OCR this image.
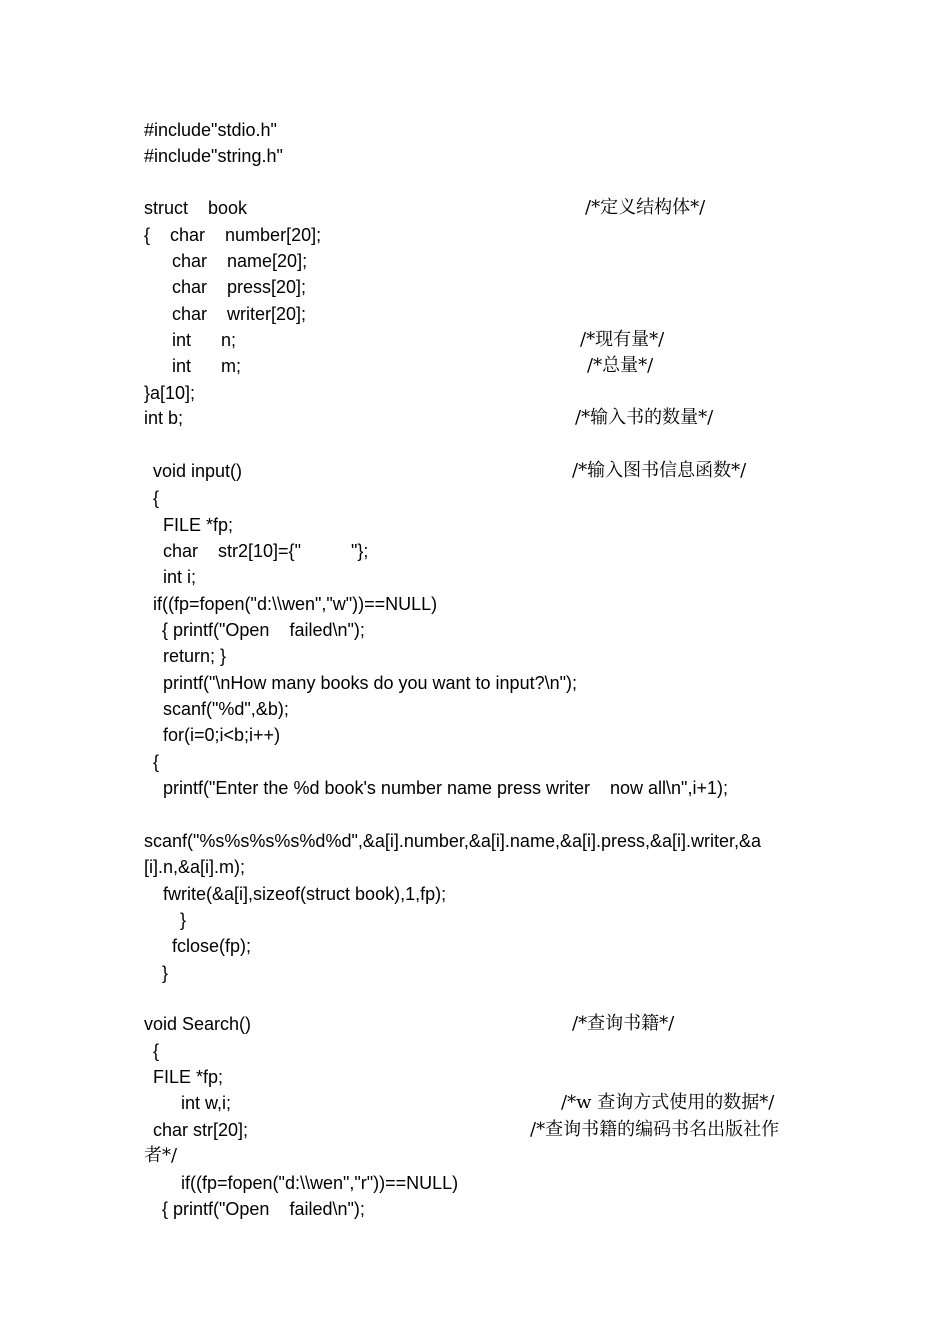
#include"stdio.h"
#include"string.h"
struct    book
{    char    number[20];
char    name[20];
char    press[20];
char    writer[20];
int      n;
int      m;
}a[10];
int b;
void input()
{
FILE *fp;
char    str2[10]={"          "};
int i;
if((fp=fopen("d:\\wen","w"))==NULL)
{ printf("Open    failed\n");
return; }
printf("\nHow many books do you want to input?\n");
scanf("%d",&b);
for(i=0;i<b;i++)
{
printf("Enter the %d book's number name press writer    now all\n",i+1);
scanf("%s%s%s%s%d%d",&a[i].number,&a[i].name,&a[i].press,&a[i].writer,&a
[i].n,&a[i].m);
fwrite(&a[i],sizeof(struct book),1,fp);
}
fclose(fp);
}
void Search()
{
FILE *fp;
int w,i;
char str[20];
者*/
if((fp=fopen("d:\\wen","r"))==NULL)
{ printf("Open    failed\n");
/*定义结构体*/
/*现有量*/
/*总量*/
/*输入书的数量*/
/*输入图书信息函数*/
/*查询书籍*/
/*w 查询方式使用的数据*/
/*查询书籍的编码书名出版社作
